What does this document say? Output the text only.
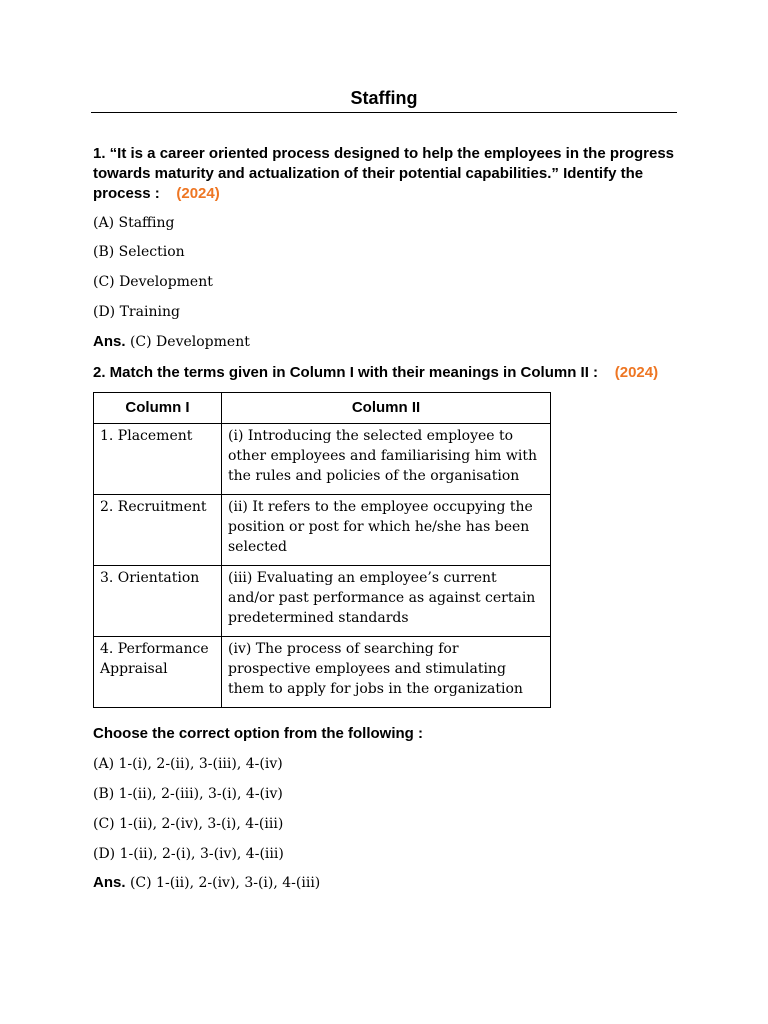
Staffing
1. “It is a career oriented process designed to help the employees in the progress towards maturity and actualization of their potential capabilities.” Identify the process : (2024)
(A) Staffing
(B) Selection
(C) Development
(D) Training
Ans. (C) Development
2. Match the terms given in Column I with their meanings in Column II : (2024)
Column I	Column II
1. Placement	(i) Introducing the selected employee to other employees and familiarising him with the rules and policies of the organisation
2. Recruitment	(ii) It refers to the employee occupying the position or post for which he/she has been selected
3. Orientation	(iii) Evaluating an employee’s current and/or past performance as against certain predetermined standards
4. Performance Appraisal	(iv) The process of searching for prospective employees and stimulating them to apply for jobs in the organization
Choose the correct option from the following :
(A) 1-(i), 2-(ii), 3-(iii), 4-(iv)
(B) 1-(ii), 2-(iii), 3-(i), 4-(iv)
(C) 1-(ii), 2-(iv), 3-(i), 4-(iii)
(D) 1-(ii), 2-(i), 3-(iv), 4-(iii)
Ans. (C) 1-(ii), 2-(iv), 3-(i), 4-(iii)
